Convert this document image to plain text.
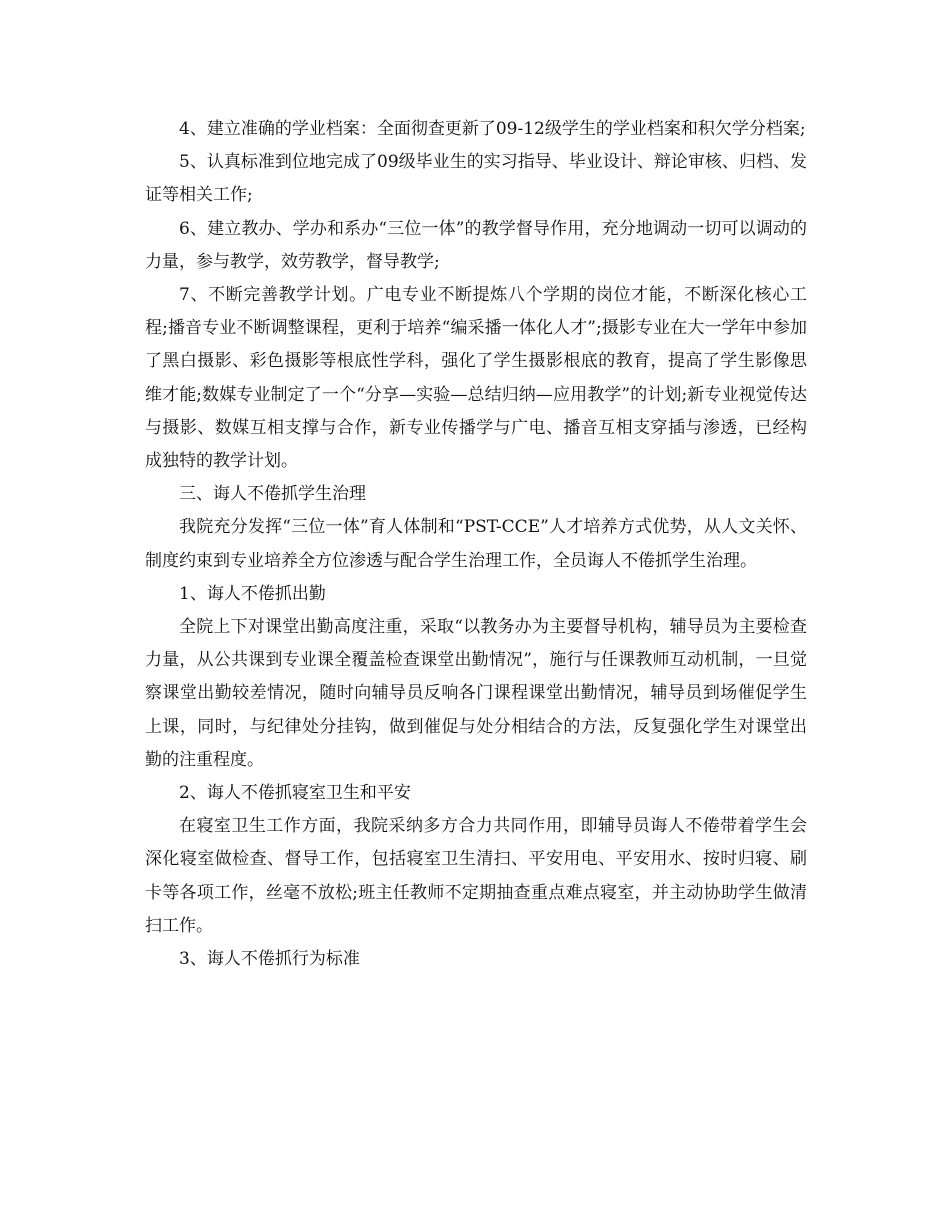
4、建立准确的学业档案：全面彻查更新了09-12级学生的学业档案和积欠学分档案;

5、认真标准到位地完成了09级毕业生的实习指导、毕业设计、辩论审核、归档、发证等相关工作;

6、建立教办、学办和系办“三位一体”的教学督导作用，充分地调动一切可以调动的力量，参与教学，效劳教学，督导教学;

7、不断完善教学计划。广电专业不断提炼八个学期的岗位才能，不断深化核心工程;播音专业不断调整课程，更利于培养“编采播一体化人才”;摄影专业在大一学年中参加了黑白摄影、彩色摄影等根底性学科，强化了学生摄影根底的教育，提高了学生影像思维才能;数媒专业制定了一个“分享—实验—总结归纳—应用教学”的计划;新专业视觉传达与摄影、数媒互相支撑与合作，新专业传播学与广电、播音互相支穿插与渗透，已经构成独特的教学计划。

三、诲人不倦抓学生治理

我院充分发挥“三位一体”育人体制和“PST-CCE”人才培养方式优势，从人文关怀、制度约束到专业培养全方位渗透与配合学生治理工作，全员诲人不倦抓学生治理。

1、诲人不倦抓出勤

全院上下对课堂出勤高度注重，采取“以教务办为主要督导机构，辅导员为主要检查力量，从公共课到专业课全覆盖检查课堂出勤情况”，施行与任课教师互动机制，一旦觉察课堂出勤较差情况，随时向辅导员反响各门课程课堂出勤情况，辅导员到场催促学生上课，同时，与纪律处分挂钩，做到催促与处分相结合的方法，反复强化学生对课堂出勤的注重程度。

2、诲人不倦抓寝室卫生和平安

在寝室卫生工作方面，我院采纳多方合力共同作用，即辅导员诲人不倦带着学生会深化寝室做检查、督导工作，包括寝室卫生清扫、平安用电、平安用水、按时归寝、刷卡等各项工作，丝毫不放松;班主任教师不定期抽查重点难点寝室，并主动协助学生做清扫工作。

3、诲人不倦抓行为标准
